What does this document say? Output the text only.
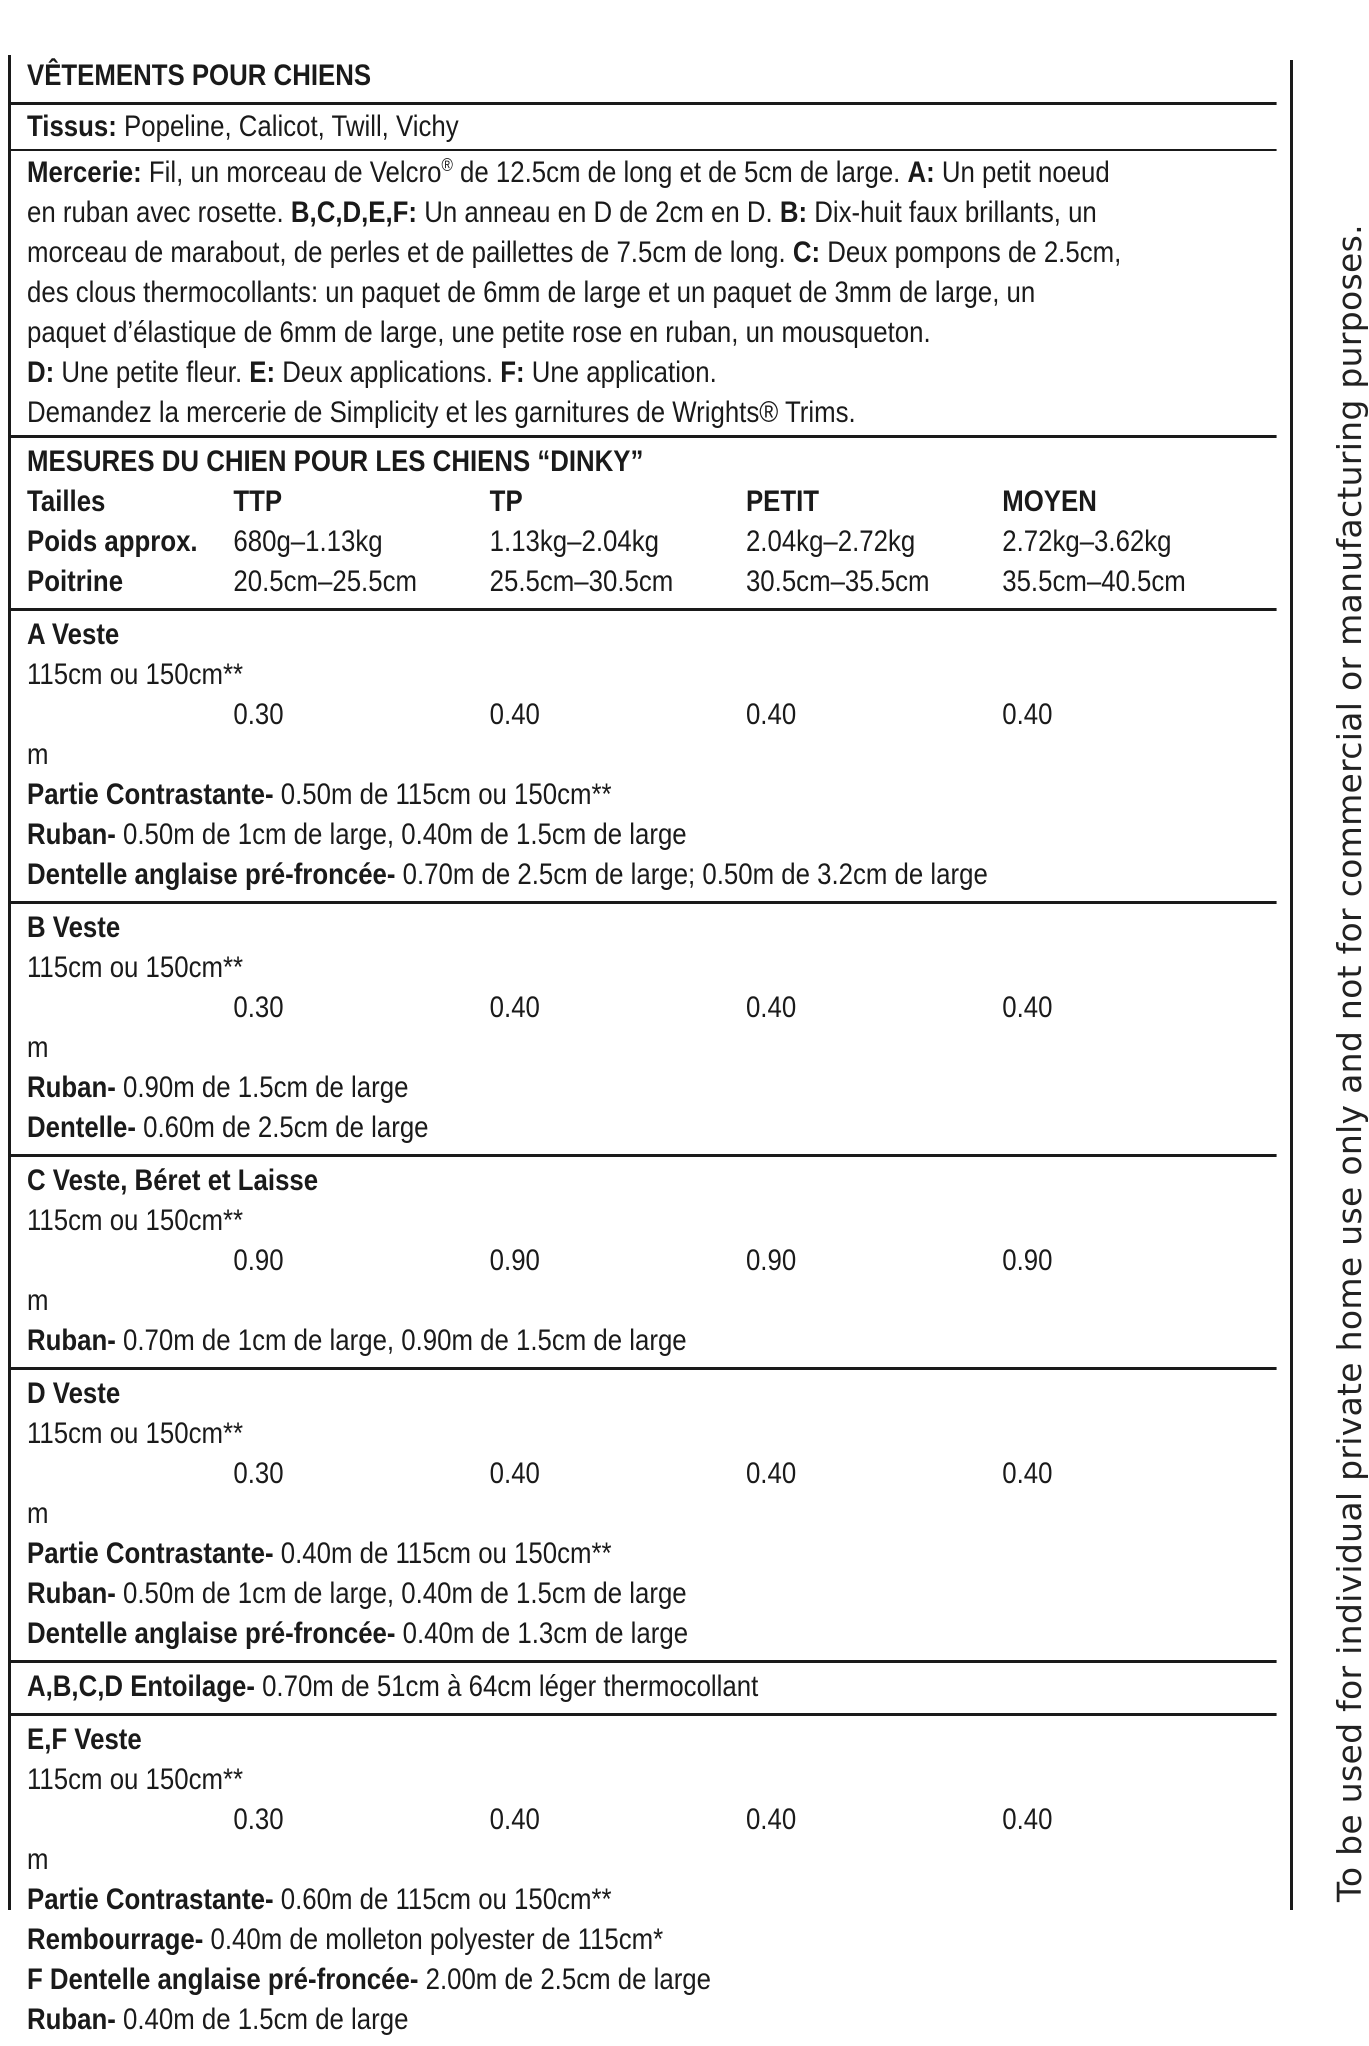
VÊTEMENTS POUR CHIENS
Tissus: Popeline, Calicot, Twill, Vichy
Mercerie: Fil, un morceau de Velcro® de 12.5cm de long et de 5cm de large. A: Un petit noeud
en ruban avec rosette. B,C,D,E,F: Un anneau en D de 2cm en D. B: Dix-huit faux brillants, un
morceau de marabout, de perles et de paillettes de 7.5cm de long. C: Deux pompons de 2.5cm,
des clous thermocollants: un paquet de 6mm de large et un paquet de 3mm de large, un
paquet d’élastique de 6mm de large, une petite rose en ruban, un mousqueton.
D: Une petite fleur. E: Deux applications. F: Une application.
Demandez la mercerie de Simplicity et les garnitures de Wrights® Trims.
MESURES DU CHIEN POUR LES CHIENS “DINKY”
Tailles	TTP	TP	PETIT	MOYEN
Poids approx.	680g–1.13kg	1.13kg–2.04kg	2.04kg–2.72kg	2.72kg–3.62kg
Poitrine	20.5cm–25.5cm	25.5cm–30.5cm	30.5cm–35.5cm	35.5cm–40.5cm
A Veste
115cm ou 150cm**
0.30	0.40	0.40	0.40
m
Partie Contrastante- 0.50m de 115cm ou 150cm**
Ruban- 0.50m de 1cm de large, 0.40m de 1.5cm de large
Dentelle anglaise pré-froncée- 0.70m de 2.5cm de large; 0.50m de 3.2cm de large
B Veste
115cm ou 150cm**
0.30	0.40	0.40	0.40
m
Ruban- 0.90m de 1.5cm de large
Dentelle- 0.60m de 2.5cm de large
C Veste, Béret et Laisse
115cm ou 150cm**
0.90	0.90	0.90	0.90
m
Ruban- 0.70m de 1cm de large, 0.90m de 1.5cm de large
D Veste
115cm ou 150cm**
0.30	0.40	0.40	0.40
m
Partie Contrastante- 0.40m de 115cm ou 150cm**
Ruban- 0.50m de 1cm de large, 0.40m de 1.5cm de large
Dentelle anglaise pré-froncée- 0.40m de 1.3cm de large
A,B,C,D Entoilage- 0.70m de 51cm à 64cm léger thermocollant
E,F Veste
115cm ou 150cm**
0.30	0.40	0.40	0.40
m
Partie Contrastante- 0.60m de 115cm ou 150cm**
Rembourrage- 0.40m de molleton polyester de 115cm*
F Dentelle anglaise pré-froncée- 2.00m de 2.5cm de large
Ruban- 0.40m de 1.5cm de large
To be used for individual private home use only and not for commercial or manufacturing purposes.
